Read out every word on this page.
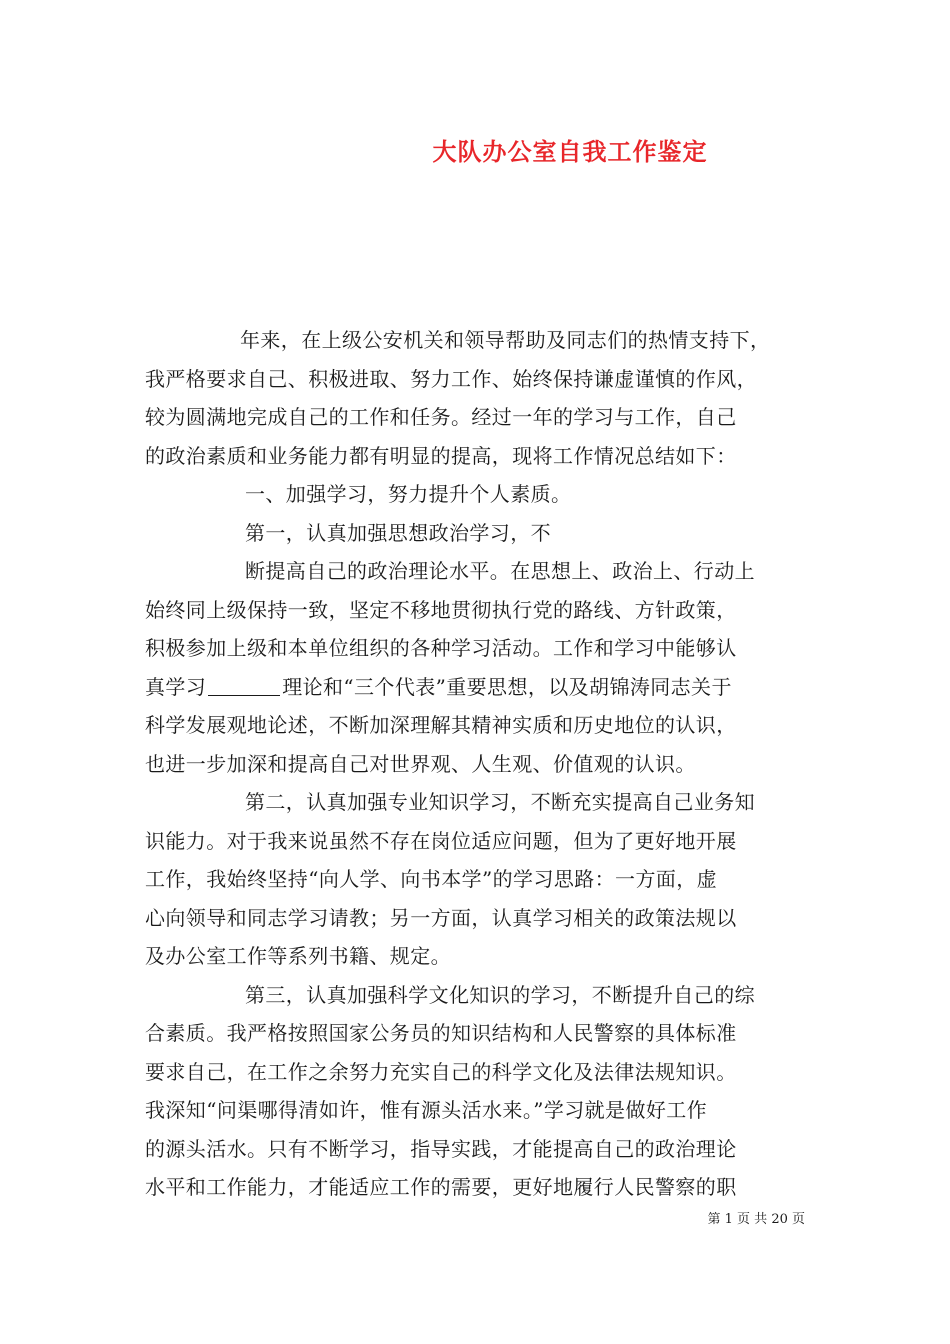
大队办公室自我工作鉴定
年来，在上级公安机关和领导帮助及同志们的热情支持下，
我严格要求自己、积极进取、努力工作、始终保持谦虚谨慎的作风，
较为圆满地完成自己的工作和任务。经过一年的学习与工作，自己
的政治素质和业务能力都有明显的提高，现将工作情况总结如下：
一、加强学习，努力提升个人素质。
第一，认真加强思想政治学习，不
断提高自己的政治理论水平。在思想上、政治上、行动上
始终同上级保持一致，坚定不移地贯彻执行党的路线、方针政策，
积极参加上级和本单位组织的各种学习活动。工作和学习中能够认
真学习	理论和“三个代表”重要思想，以及胡锦涛同志关于
科学发展观地论述，不断加深理解其精神实质和历史地位的认识，
也进一步加深和提高自己对世界观、人生观、价值观的认识。
第二，认真加强专业知识学习，不断充实提高自己业务知
识能力。对于我来说虽然不存在岗位适应问题，但为了更好地开展
工作，我始终坚持“向人学、向书本学”的学习思路：一方面，虚
心向领导和同志学习请教；另一方面，认真学习相关的政策法规以
及办公室工作等系列书籍、规定。
第三，认真加强科学文化知识的学习，不断提升自己的综
合素质。我严格按照国家公务员的知识结构和人民警察的具体标准
要求自己，在工作之余努力充实自己的科学文化及法律法规知识。
我深知“问渠哪得清如许，惟有源头活水来。”学习就是做好工作
的源头活水。只有不断学习，指导实践，才能提高自己的政治理论
水平和工作能力，才能适应工作的需要，更好地履行人民警察的职
第 1 页 共 20 页
